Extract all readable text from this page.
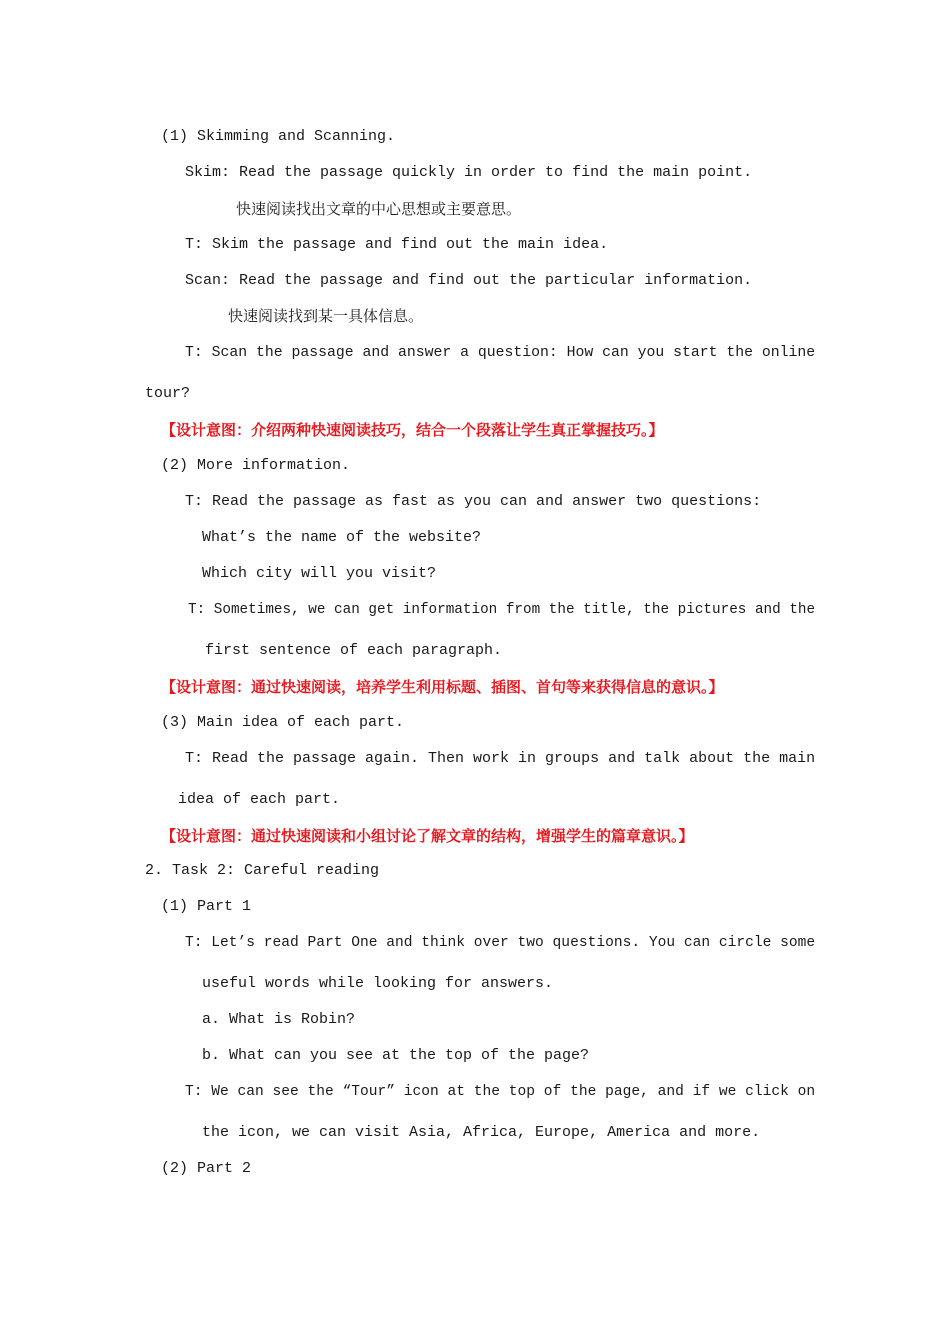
(1) Skimming and Scanning.
Skim: Read the passage quickly in order to find the main point.
快速阅读找出文章的中心思想或主要意思。
T: Skim the passage and find out the main idea.
Scan: Read the passage and find out the particular information.
快速阅读找到某一具体信息。
T: Scan the passage and answer a question: How can you start the online
tour?
【设计意图：介绍两种快速阅读技巧，结合一个段落让学生真正掌握技巧。】
(2) More information.
T: Read the passage as fast as you can and answer two questions:
What’s the name of the website?
Which city will you visit?
T: Sometimes, we can get information from the title, the pictures and the
first sentence of each paragraph.
【设计意图：通过快速阅读，培养学生利用标题、插图、首句等来获得信息的意识。】
(3) Main idea of each part.
T: Read the passage again. Then work in groups and talk about the main
idea of each part.
【设计意图：通过快速阅读和小组讨论了解文章的结构，增强学生的篇章意识。】
2. Task 2: Careful reading
(1) Part 1
T: Let’s read Part One and think over two questions. You can circle some
useful words while looking for answers.
a. What is Robin?
b. What can you see at the top of the page?
T: We can see the “Tour” icon at the top of the page, and if we click on
the icon, we can visit Asia, Africa, Europe, America and more.
(2) Part 2
